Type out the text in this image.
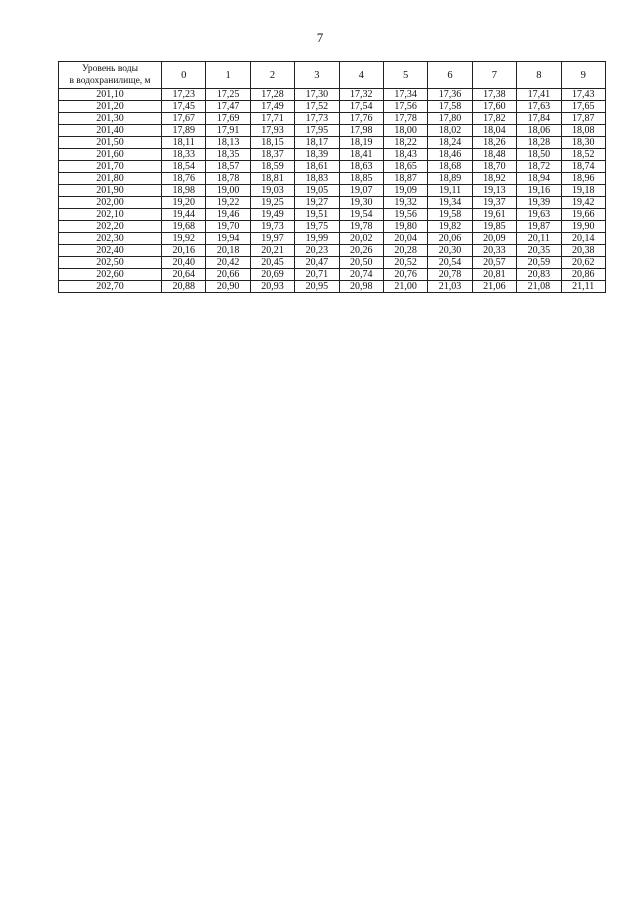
7
Уровень воды
в водохранилище, м	0	1	2	3	4	5	6	7	8	9
201,10	17,23	17,25	17,28	17,30	17,32	17,34	17,36	17,38	17,41	17,43
201,20	17,45	17,47	17,49	17,52	17,54	17,56	17,58	17,60	17,63	17,65
201,30	17,67	17,69	17,71	17,73	17,76	17,78	17,80	17,82	17,84	17,87
201,40	17,89	17,91	17,93	17,95	17,98	18,00	18,02	18,04	18,06	18,08
201,50	18,11	18,13	18,15	18,17	18,19	18,22	18,24	18,26	18,28	18,30
201,60	18,33	18,35	18,37	18,39	18,41	18,43	18,46	18,48	18,50	18,52
201,70	18,54	18,57	18,59	18,61	18,63	18,65	18,68	18,70	18,72	18,74
201,80	18,76	18,78	18,81	18,83	18,85	18,87	18,89	18,92	18,94	18,96
201,90	18,98	19,00	19,03	19,05	19,07	19,09	19,11	19,13	19,16	19,18
202,00	19,20	19,22	19,25	19,27	19,30	19,32	19,34	19,37	19,39	19,42
202,10	19,44	19,46	19,49	19,51	19,54	19,56	19,58	19,61	19,63	19,66
202,20	19,68	19,70	19,73	19,75	19,78	19,80	19,82	19,85	19,87	19,90
202,30	19,92	19,94	19,97	19,99	20,02	20,04	20,06	20,09	20,11	20,14
202,40	20,16	20,18	20,21	20,23	20,26	20,28	20,30	20,33	20,35	20,38
202,50	20,40	20,42	20,45	20,47	20,50	20,52	20,54	20,57	20,59	20,62
202,60	20,64	20,66	20,69	20,71	20,74	20,76	20,78	20,81	20,83	20,86
202,70	20,88	20,90	20,93	20,95	20,98	21,00	21,03	21,06	21,08	21,11
